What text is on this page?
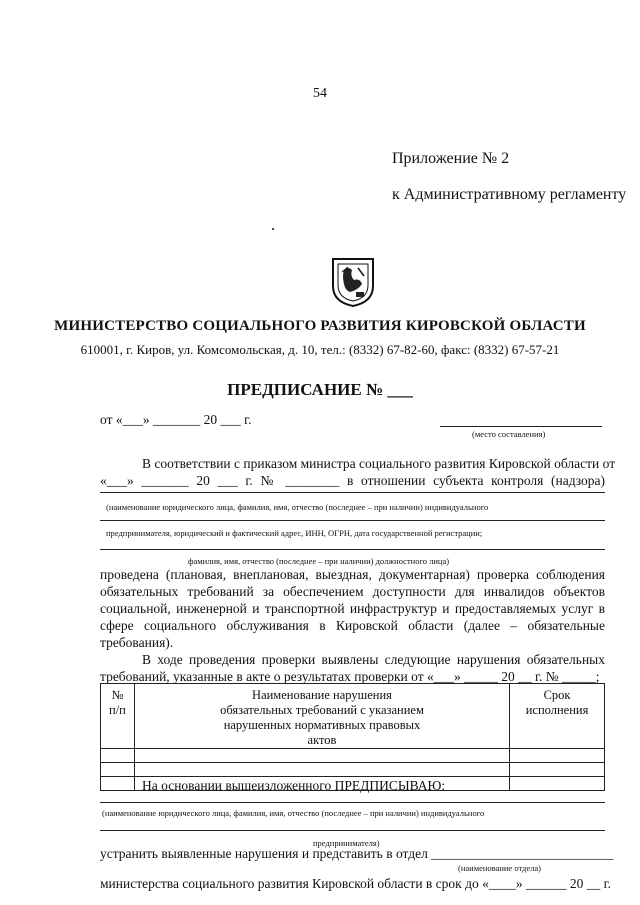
54
Приложение № 2
к Административному регламенту
МИНИСТЕРСТВО СОЦИАЛЬНОГО РАЗВИТИЯ КИРОВСКОЙ ОБЛАСТИ
610001, г. Киров, ул. Комсомольская, д. 10, тел.: (8332) 67-82-60, факс: (8332) 67-57-21
ПРЕДПИСАНИЕ № ___
от «___» _______ 20 ___ г.
(место составления)
В соответствии с приказом министра социального развития Кировской области от
«___» _______ 20 ___ г. № ________ в отношении субъекта контроля (надзора)
(наименование юридического лица, фамилия, имя, отчество (последнее – при наличии) индивидуального
предпринимателя, юридический и фактический адрес, ИНН, ОГРН, дата государственной регистрации;
фамилия, имя, отчество (последнее – при наличии) должностного лица)
проведена (плановая, внеплановая, выездная, документарная) проверка соблюдения
обязательных требований за обеспечением доступности для инвалидов объектов
социальной, инженерной и транспортной инфраструктур и предоставляемых услуг в
сфере социального обслуживания в Кировской области (далее – обязательные
требования).
В ходе проведения проверки выявлены следующие нарушения обязательных
требований, указанные в акте о результатах проверки от «___» _____ 20 __ г. № _____;
№ п/п	Наименование нарушения обязательных требований с указанием нарушенных нормативных правовых актов	Срок исполнения

На основании вышеизложенного ПРЕДПИСЫВАЮ:
(наименование юридического лица, фамилия, имя, отчество (последнее – при наличии) индивидуального
предпринимателя)
устранить выявленные нарушения и представить в отдел ___________________________
(наименование отдела)
министерства социального развития Кировской области в срок до «____» ______ 20 __ г.
